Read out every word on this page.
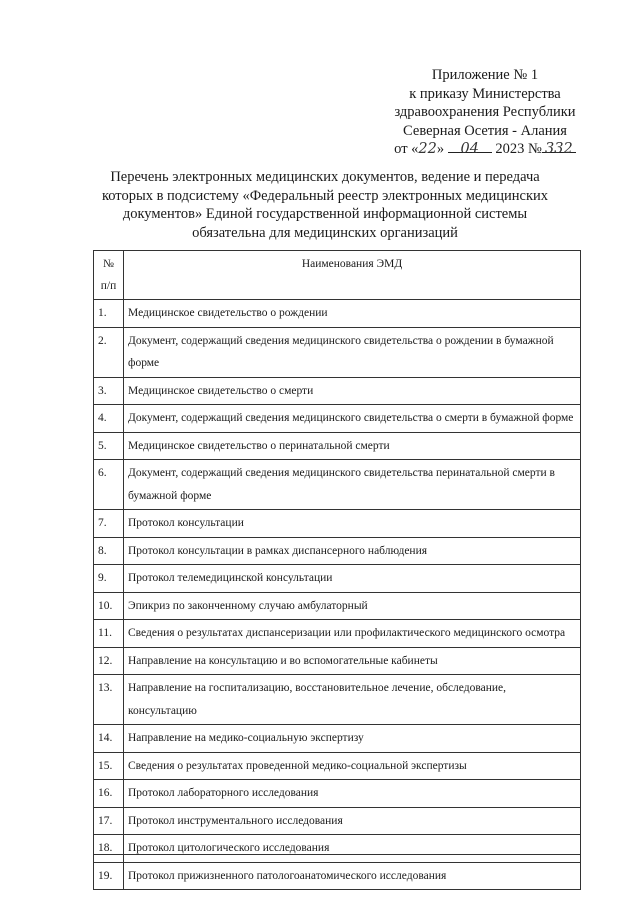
Приложение № 1
к приказу Министерства
здравоохранения Республики
Северная Осетия - Алания
от «22» 04 2023 № 332
Перечень электронных медицинских документов, ведение и передача
которых в подсистему «Федеральный реестр электронных медицинских
документов» Единой государственной информационной системы
обязательна для медицинских организаций
№
п/п	Наименования ЭМД
1.	Медицинское свидетельство о рождении
2.	Документ, содержащий сведения медицинского свидетельства о рождении в бумажной форме
3.	Медицинское свидетельство о смерти
4.	Документ, содержащий сведения медицинского свидетельства о смерти в бумажной форме
5.	Медицинское свидетельство о перинатальной смерти
6.	Документ, содержащий сведения медицинского свидетельства перинатальной смерти в бумажной форме
7.	Протокол консультации
8.	Протокол консультации в рамках диспансерного наблюдения
9.	Протокол телемедицинской консультации
10.	Эпикриз по законченному случаю амбулаторный
11.	Сведения о результатах диспансеризации или профилактического медицинского осмотра
12.	Направление на консультацию и во вспомогательные кабинеты
13.	Направление на госпитализацию, восстановительное лечение, обследование, консультацию
14.	Направление на медико-социальную экспертизу
15.	Сведения о результатах проведенной медико-социальной экспертизы
16.	Протокол лабораторного исследования
17.	Протокол инструментального исследования
18.	Протокол цитологического исследования
19.	Протокол прижизненного патологоанатомического исследования
